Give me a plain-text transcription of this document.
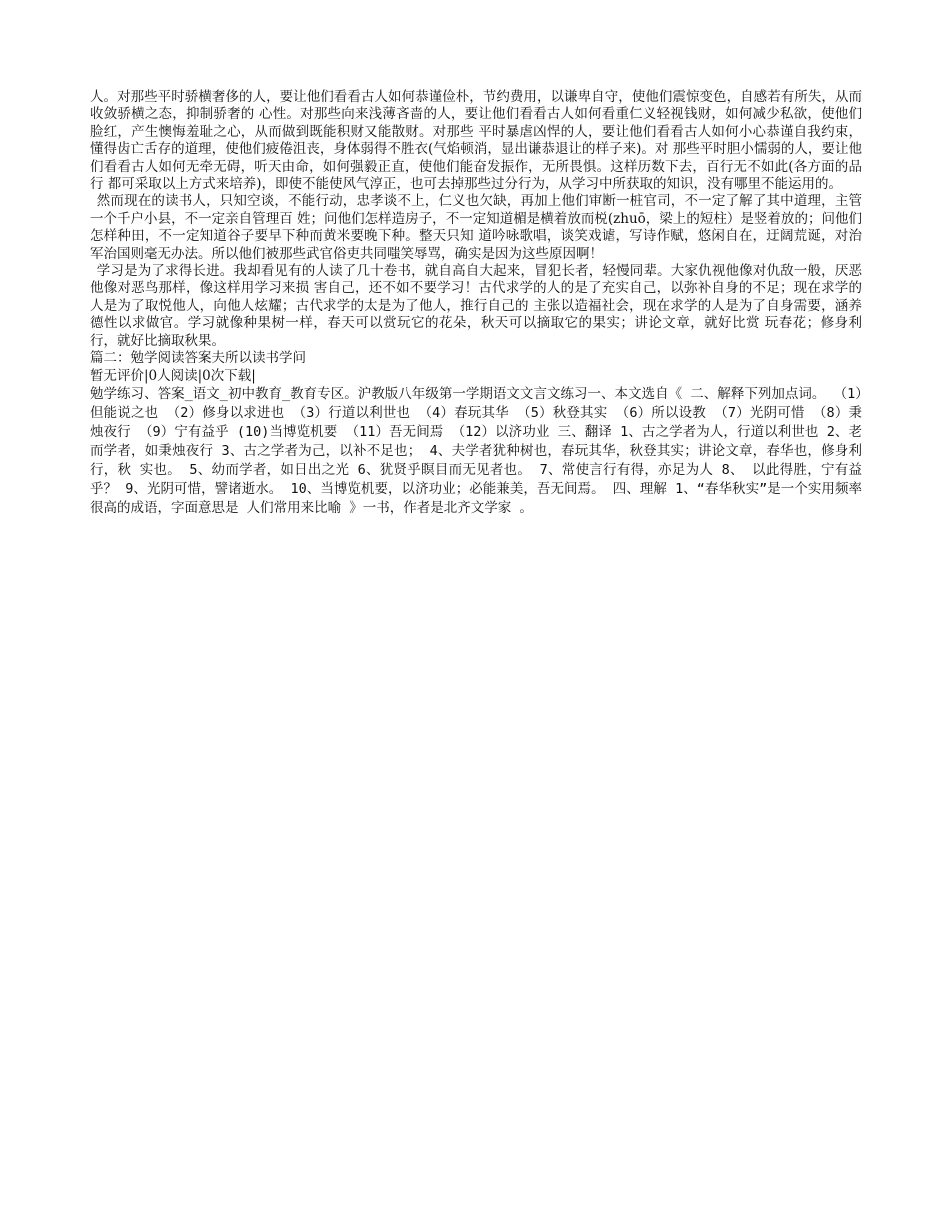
人。对那些平时骄横奢侈的人，要让他们看看古人如何恭谨俭朴，节约费用，以谦卑自守，使他们震惊变色，自感若有所失，从而收敛骄横之态，抑制骄奢的 心性。对那些向来浅薄吝啬的人，要让他们看看古人如何看重仁义轻视钱财，如何减少私欲，使他们脸红，产生懊悔羞耻之心，从而做到既能积财又能散财。对那些 平时暴虐凶悍的人，要让他们看看古人如何小心恭谨自我约束，懂得齿亡舌存的道理，使他们疲倦沮丧，身体弱得不胜衣(气焰顿消，显出谦恭退让的样子来)。对 那些平时胆小懦弱的人，要让他们看看古人如何无牵无碍，听天由命，如何强毅正直，使他们能奋发振作，无所畏惧。这样历数下去，百行无不如此(各方面的品行 都可采取以上方式来培养)，即使不能使风气淳正，也可去掉那些过分行为，从学习中所获取的知识，没有哪里不能运用的。

然而现在的读书人，只知空谈，不能行动，忠孝谈不上，仁义也欠缺，再加上他们审断一桩官司，不一定了解了其中道理，主管一个千户小县，不一定亲自管理百 姓；问他们怎样造房子，不一定知道楣是横着放而棁(zhuō，梁上的短柱）是竖着放的；问他们怎样种田，不一定知道谷子要早下种而黄米要晚下种。整天只知 道吟咏歌唱，谈笑戏谑，写诗作赋，悠闲自在，迂阔荒诞，对治军治国则毫无办法。所以他们被那些武官俗吏共同嗤笑辱骂，确实是因为这些原因啊！

学习是为了求得长进。我却看见有的人读了几十卷书，就自高自大起来，冒犯长者，轻慢同辈。大家仇视他像对仇敌一般，厌恶他像对恶鸟那样，像这样用学习来损 害自己，还不如不要学习！古代求学的人的是了充实自己，以弥补自身的不足；现在求学的人是为了取悦他人，向他人炫耀；古代求学的太是为了他人，推行自己的 主张以造福社会，现在求学的人是为了自身需要，涵养德性以求做官。学习就像种果树一样，春天可以赏玩它的花朵，秋天可以摘取它的果实；讲论文章，就好比赏 玩春花；修身利行，就好比摘取秋果。

篇二：勉学阅读答案夫所以读书学问
暂无评价|0人阅读|0次下载|

勉学练习、答案_语文_初中教育_教育专区。沪教版八年级第一学期语文文言文练习一、本文选自《 二、解释下列加点词。 （1）但能说之也 （2）修身以求进也 （3）行道以利世也 （4）春玩其华 （5）秋登其实 （6）所以设教 （7）光阴可惜 （8）秉烛夜行 （9）宁有益乎 (10)当博览机要 （11）吾无间焉 （12）以济功业 三、翻译 1、古之学者为人，行道以利世也 2、老而学者，如秉烛夜行 3、古之学者为己，以补不足也； 4、夫学者犹种树也，春玩其华，秋登其实；讲论文章，春华也，修身利行，秋 实也。 5、幼而学者，如日出之光 6、犹贤乎瞑目而无见者也。 7、常使言行有得，亦足为人 8、 以此得胜，宁有益乎？ 9、光阴可惜，譬诸逝水。 10、当博览机要，以济功业；必能兼美，吾无间焉。 四、理解 1、“春华秋实”是一个实用频率很高的成语，字面意思是 人们常用来比喻 》一书，作者是北齐文学家 。
